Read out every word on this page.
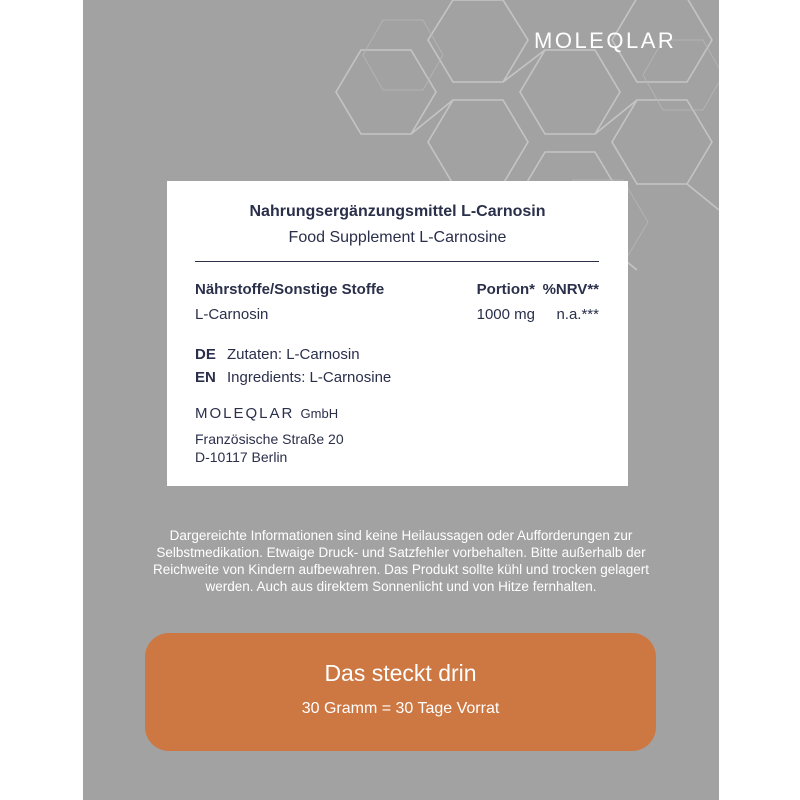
MOLEQLAR
Nahrungsergänzungsmittel L-Carnosin
Food Supplement L-Carnosine
Nährstoffe/Sonstige Stoffe	Portion* %NRV**
L-Carnosin	1000 mg	n.a.***
DE Zutaten: L-Carnosin
EN Ingredients: L-Carnosine
MOLEQLAR GmbH
Französische Straße 20
D-10117 Berlin
Dargereichte Informationen sind keine Heilaussagen oder Aufforderungen zur Selbstmedikation. Etwaige Druck- und Satzfehler vorbehalten. Bitte außerhalb der Reichweite von Kindern aufbewahren. Das Produkt sollte kühl und trocken gelagert werden. Auch aus direktem Sonnenlicht und von Hitze fernhalten.
Das steckt drin
30 Gramm = 30 Tage Vorrat
